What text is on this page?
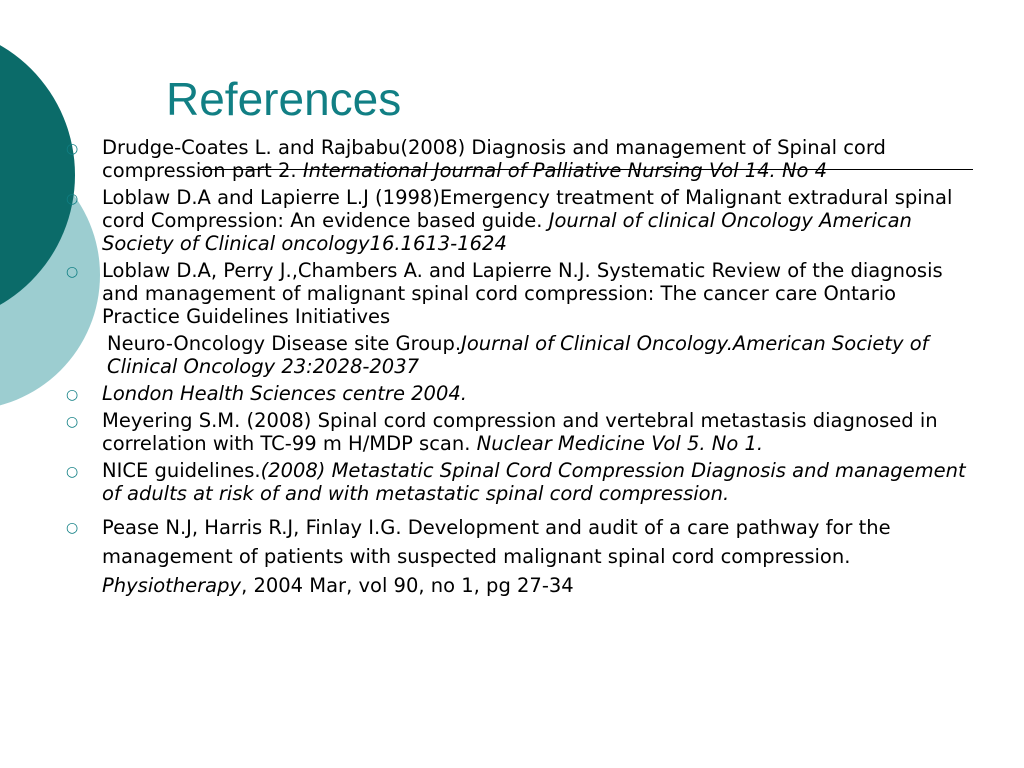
References
○ Drudge-Coates L. and Rajbabu(2008) Diagnosis and management of Spinal cord compression part 2. International Journal of Palliative Nursing Vol 14. No 4
○ Loblaw D.A and Lapierre L.J (1998)Emergency treatment of Malignant extradural spinal cord Compression: An evidence based guide. Journal of clinical Oncology American Society of Clinical oncology16.1613-1624
○ Loblaw D.A, Perry J.,Chambers A. and Lapierre N.J. Systematic Review of the diagnosis and management of malignant spinal cord compression: The cancer care Ontario Practice Guidelines Initiatives

Neuro-Oncology Disease site Group.Journal of Clinical Oncology.American Society of Clinical Oncology 23:2028-2037

○ London Health Sciences centre 2004.
○ Meyering S.M. (2008) Spinal cord compression and vertebral metastasis diagnosed in correlation with TC-99 m H/MDP scan. Nuclear Medicine Vol 5. No 1.
○ NICE guidelines.(2008) Metastatic Spinal Cord Compression Diagnosis and management of adults at risk of and with metastatic spinal cord compression.
○ Pease N.J, Harris R.J, Finlay I.G. Development and audit of a care pathway for the management of patients with suspected malignant spinal cord compression. Physiotherapy, 2004 Mar, vol 90, no 1, pg 27-34
